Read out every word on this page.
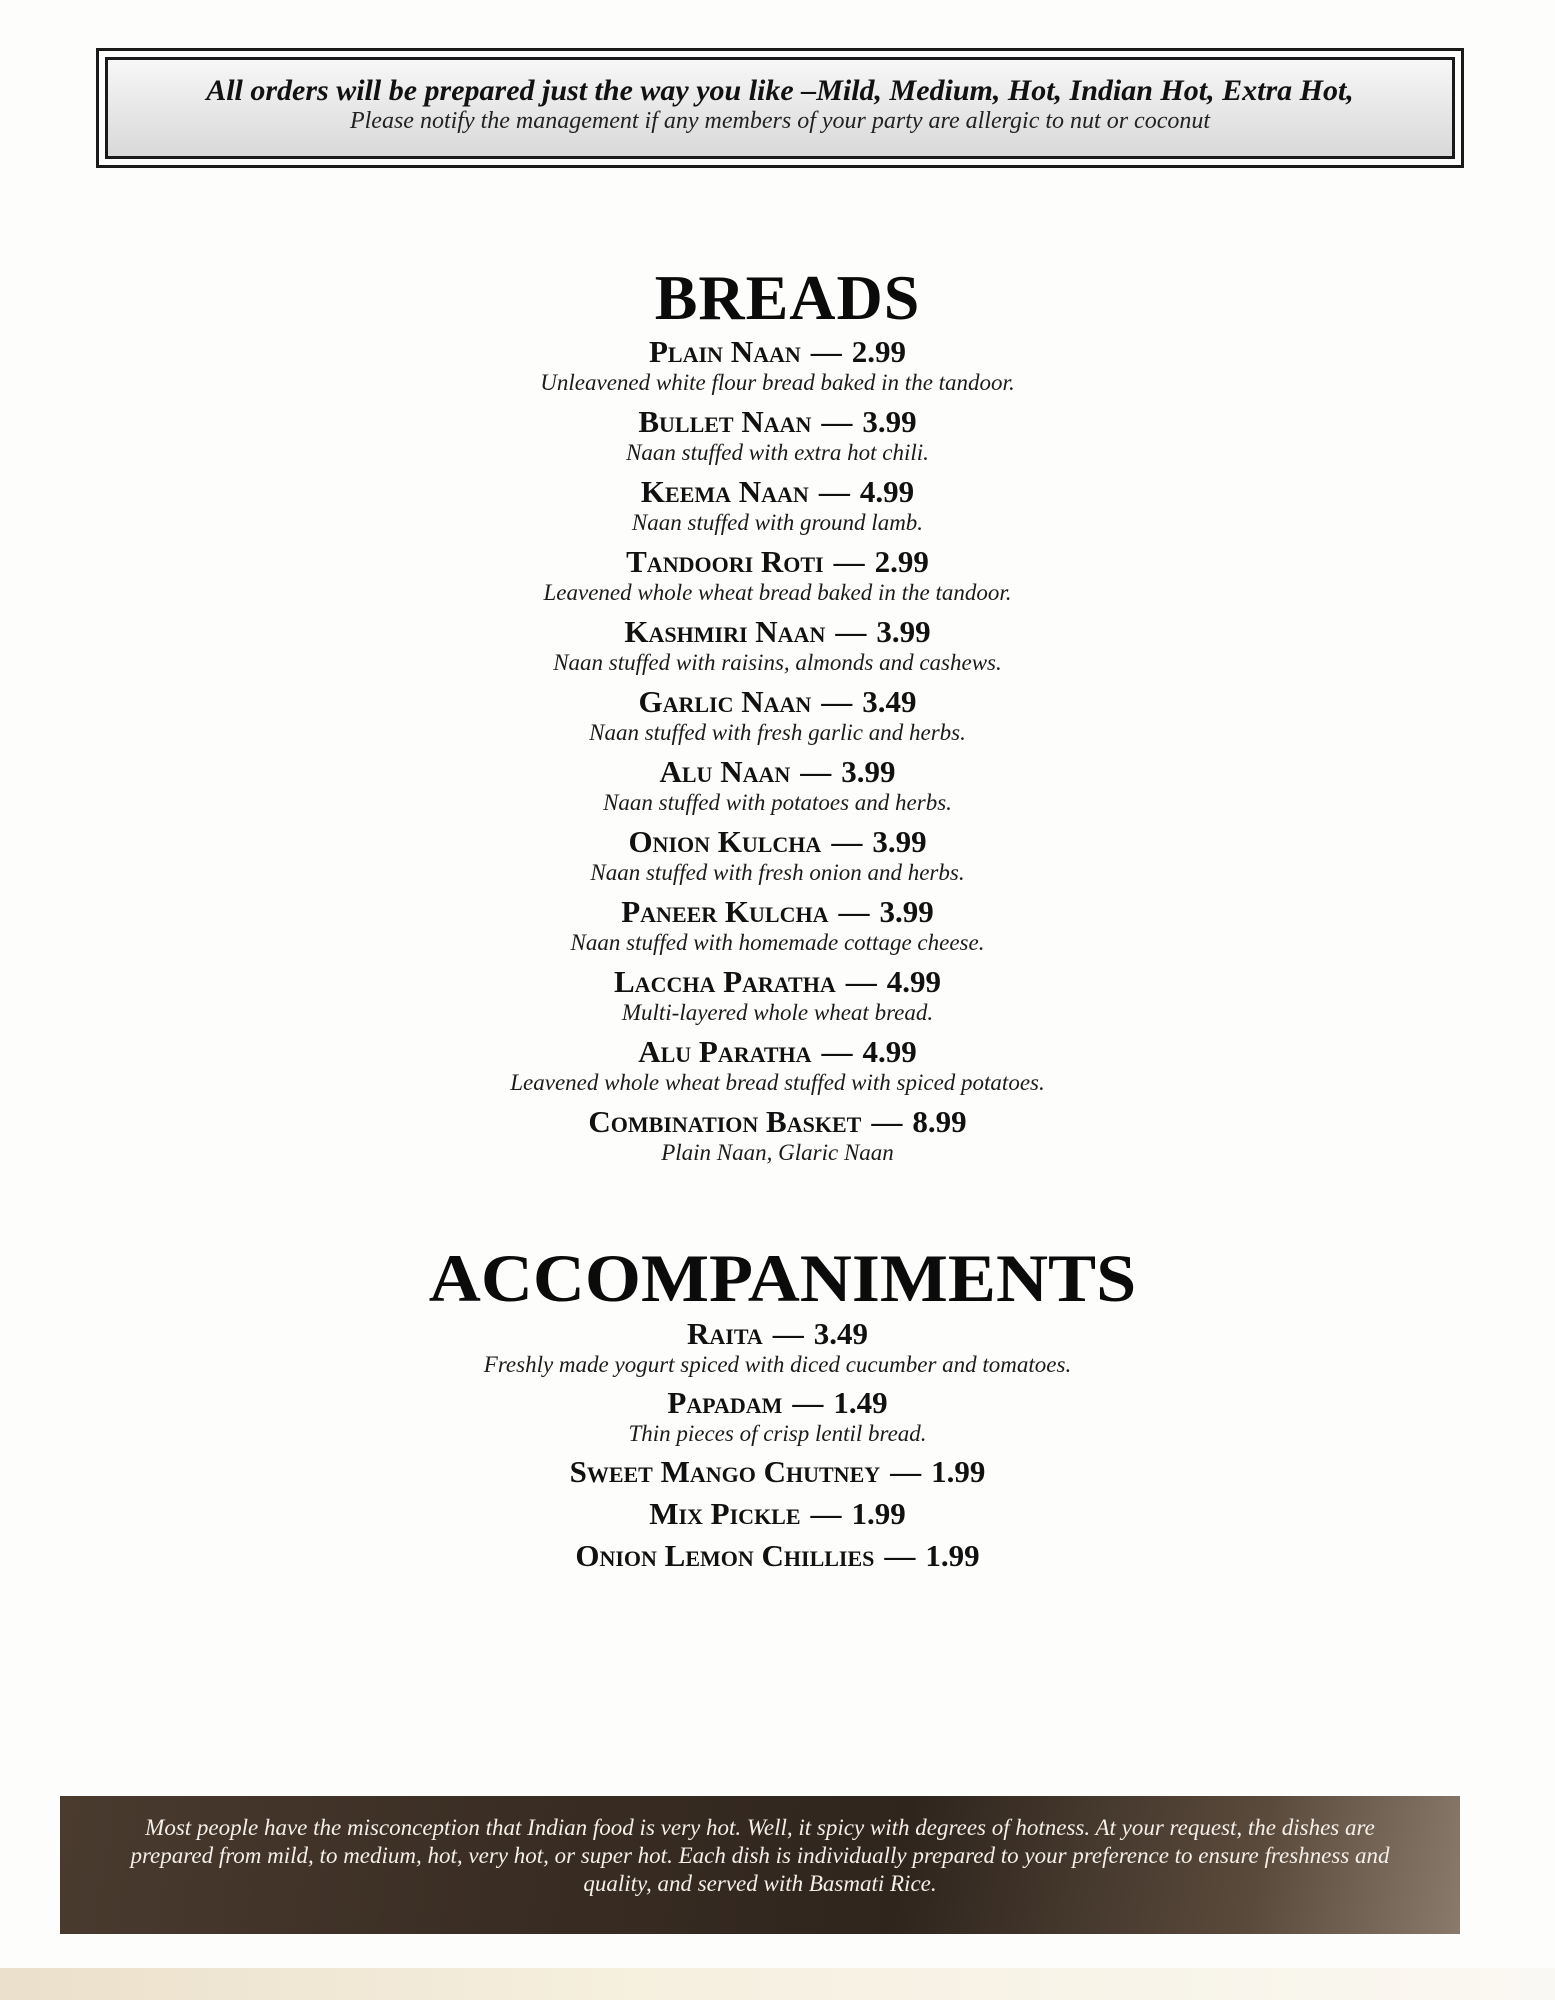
All orders will be prepared just the way you like –Mild, Medium, Hot, Indian Hot, Extra Hot,
Please notify the management if any members of your party are allergic to nut or coconut
BREADS
Plain Naan — 2.99
Unleavened white flour bread baked in the tandoor.
Bullet Naan — 3.99
Naan stuffed with extra hot chili.
Keema Naan — 4.99
Naan stuffed with ground lamb.
Tandoori Roti — 2.99
Leavened whole wheat bread baked in the tandoor.
Kashmiri Naan — 3.99
Naan stuffed with raisins, almonds and cashews.
Garlic Naan — 3.49
Naan stuffed with fresh garlic and herbs.
Alu Naan — 3.99
Naan stuffed with potatoes and herbs.
Onion Kulcha — 3.99
Naan stuffed with fresh onion and herbs.
Paneer Kulcha — 3.99
Naan stuffed with homemade cottage cheese.
Laccha Paratha — 4.99
Multi-layered whole wheat bread.
Alu Paratha — 4.99
Leavened whole wheat bread stuffed with spiced potatoes.
Combination Basket — 8.99
Plain Naan, Glaric Naan
ACCOMPANIMENTS
Raita — 3.49
Freshly made yogurt spiced with diced cucumber and tomatoes.
Papadam — 1.49
Thin pieces of crisp lentil bread.
Sweet Mango Chutney — 1.99
Mix Pickle — 1.99
Onion Lemon Chillies — 1.99
Most people have the misconception that Indian food is very hot. Well, it spicy with degrees of hotness. At your request, the dishes are prepared from mild, to medium, hot, very hot, or super hot. Each dish is individually prepared to your preference to ensure freshness and quality, and served with Basmati Rice.
